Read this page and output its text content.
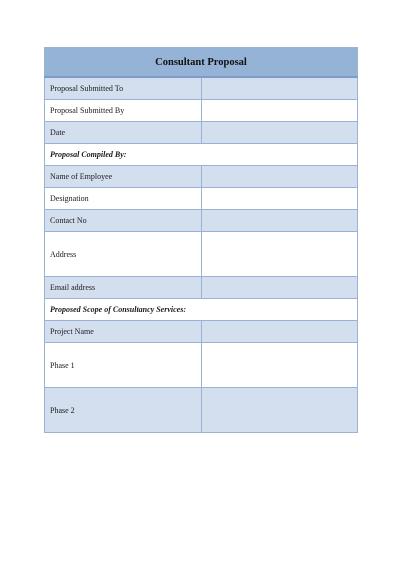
Consultant Proposal	
Proposal Submitted To	
Proposal Submitted By	
Date	
Proposal Compiled By:	
Name of Employee	
Designation	
Contact No	
Address	
Email address	
Proposed Scope of Consultancy Services:	
Project Name	
Phase 1	
Phase 2	
